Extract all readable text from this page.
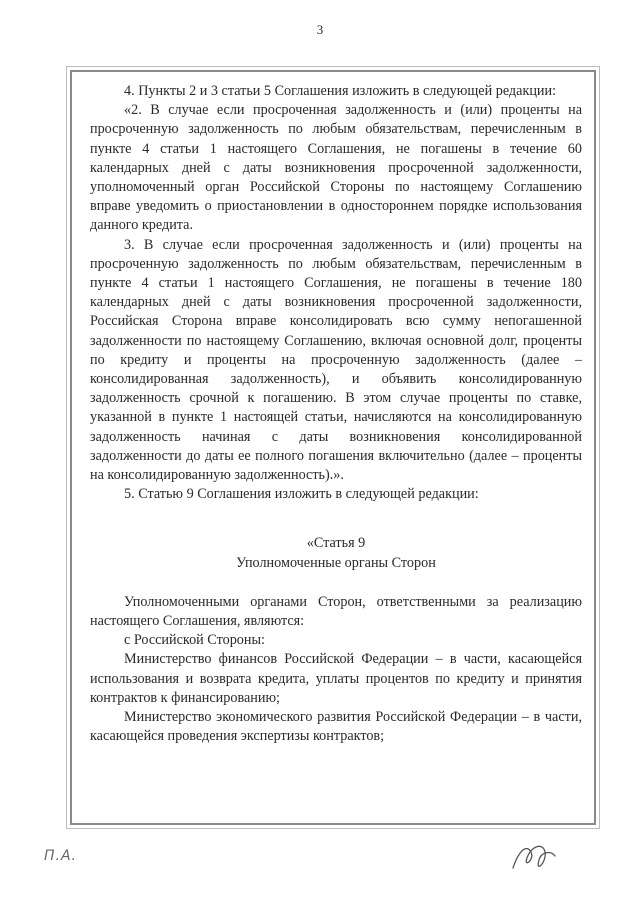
3

4. Пункты 2 и 3 статьи 5 Соглашения изложить в следующей редакции:

«2. В случае если просроченная задолженность и (или) проценты на просроченную задолженность по любым обязательствам, перечисленным в пункте 4 статьи 1 настоящего Соглашения, не погашены в течение 60 календарных дней с даты возникновения просроченной задолженности, уполномоченный орган Российской Стороны по настоящему Соглашению вправе уведомить о приостановлении в одностороннем порядке использования данного кредита.

3. В случае если просроченная задолженность и (или) проценты на просроченную задолженность по любым обязательствам, перечисленным в пункте 4 статьи 1 настоящего Соглашения, не погашены в течение 180 календарных дней с даты возникновения просроченной задолженности, Российская Сторона вправе консолидировать всю сумму непогашенной задолженности по настоящему Соглашению, включая основной долг, проценты по кредиту и проценты на просроченную задолженность (далее – консолидированная задолженность), и объявить консолидированную задолженность срочной к погашению. В этом случае проценты по ставке, указанной в пункте 1 настоящей статьи, начисляются на консолидированную задолженность начиная с даты возникновения консолидированной задолженности до даты ее полного погашения включительно (далее – проценты на консолидированную задолженность).».

5. Статью 9 Соглашения изложить в следующей редакции:

«Статья 9

Уполномоченные органы Сторон

Уполномоченными органами Сторон, ответственными за реализацию настоящего Соглашения, являются:

с Российской Стороны:

Министерство финансов Российской Федерации – в части, касающейся использования и возврата кредита, уплаты процентов по кредиту и принятия контрактов к финансированию;

Министерство экономического развития Российской Федерации – в части, касающейся проведения экспертизы контрактов;

П.А.
